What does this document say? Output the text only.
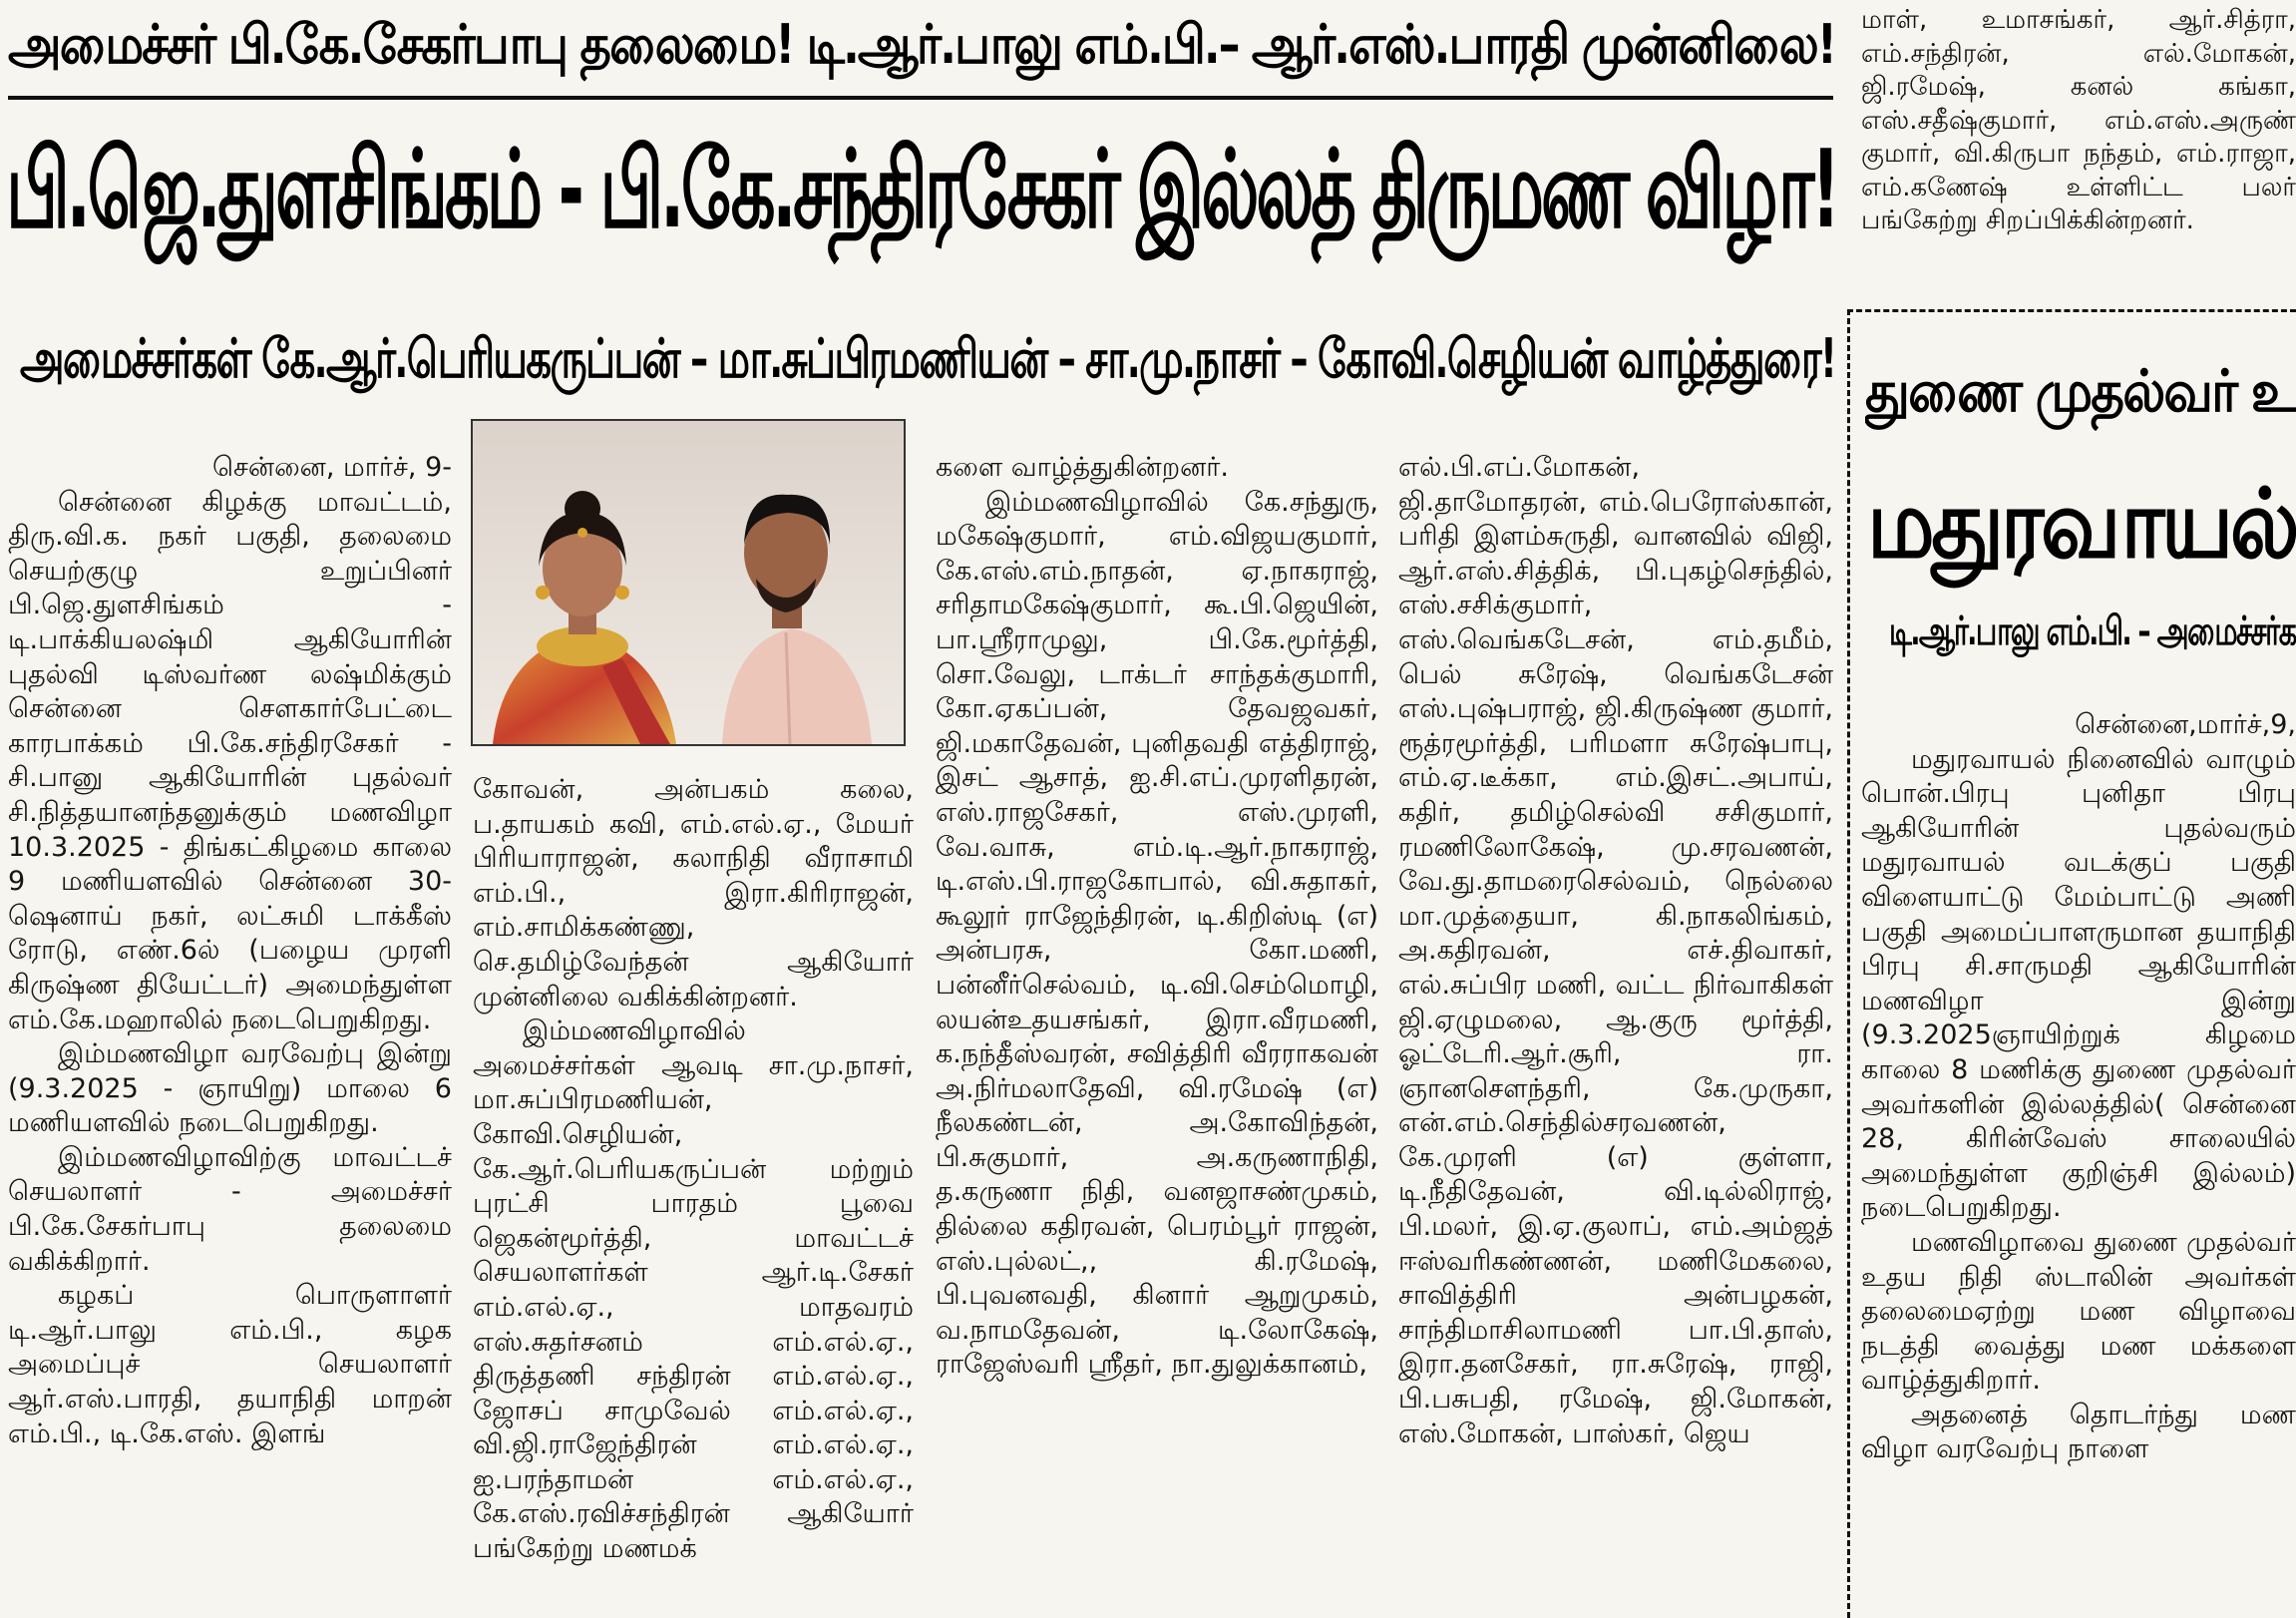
அமைச்சர் பி.கே.சேகர்பாபு தலைமை! டி.ஆர்.பாலு எம்.பி.– ஆர்.எஸ்.பாரதி முன்னிலை!
பி.ஜெ.துளசிங்கம் - பி.கே.சந்திரசேகர் இல்லத் திருமண விழா!
அமைச்சர்கள் கே.ஆர்.பெரியகருப்பன் – மா.சுப்பிரமணியன் – சா.மு.நாசர் – கோவி.செழியன் வாழ்த்துரை!

சென்னை, மார்ச், 9-

சென்னை கிழக்கு மாவட்டம், திரு.வி.க. நகர் பகுதி, தலைமை செயற்குழு உறுப்பினர் பி.ஜெ.துளசிங்கம் - டி.பாக்கியலஷ்மி ஆகியோரின் புதல்வி டிஸ்வர்ண லஷ்மிக்கும் சென்னை சௌகார்பேட்டை காரபாக்கம் பி.கே.சந்திரசேகர் - சி.பானு ஆகியோரின் புதல்வர் சி.நித்தயானந்தனுக்கும் மணவிழா 10.3.2025 - திங்கட்கிழமை காலை 9 மணியளவில் சென்னை 30- ஷெனாய் நகர், லட்சுமி டாக்கீஸ் ரோடு, எண்.6ல் (பழைய முரளி கிருஷ்ண தியேட்டர்) அமைந்துள்ள எம்.கே.மஹாலில் நடைபெறுகிறது.

இம்மணவிழா வரவேற்பு இன்று (9.3.2025 - ஞாயிறு) மாலை 6 மணியளவில் நடைபெறுகிறது.

இம்மணவிழாவிற்கு மாவட்டச் செயலாளர் - அமைச்சர் பி.கே.சேகர்பாபு தலைமை வகிக்கிறார்.

கழகப் பொருளாளர் டி.ஆர்.பாலு எம்.பி., கழக அமைப்புச் செயலாளர் ஆர்.எஸ்.பாரதி, தயாநிதி மாறன் எம்.பி., டி.கே.எஸ். இளங்

கோவன், அன்பகம் கலை, ப.தாயகம் கவி, எம்.எல்.ஏ., மேயர் பிரியாராஜன், கலாநிதி வீராசாமி எம்.பி., இரா.கிரிராஜன், எம்.சாமிக்கண்ணு, செ.தமிழ்வேந்தன் ஆகியோர் முன்னிலை வகிக்கின்றனர்.

இம்மணவிழாவில் அமைச்சர்கள் ஆவடி சா.மு.நாசர், மா.சுப்பிரமணியன், கோவி.செழியன், கே.ஆர்.பெரியகருப்பன் மற்றும் புரட்சி பாரதம் பூவை ஜெகன்மூர்த்தி, மாவட்டச் செயலாளர்கள் ஆர்.டி.சேகர் எம்.எல்.ஏ., மாதவரம் எஸ்.சுதர்சனம் எம்.எல்.ஏ., திருத்தணி சந்திரன் எம்.எல்.ஏ., ஜோசப் சாமுவேல் எம்.எல்.ஏ., வி.ஜி.ராஜேந்திரன் எம்.எல்.ஏ., ஐ.பரந்தாமன் எம்.எல்.ஏ., கே.எஸ்.ரவிச்சந்திரன் ஆகியோர் பங்கேற்று மணமக்

களை வாழ்த்துகின்றனர்.

இம்மணவிழாவில் கே.சந்துரு, மகேஷ்குமார், எம்.விஜயகுமார், கே.எஸ்.எம்.நாதன், ஏ.நாகராஜ், சரிதாமகேஷ்குமார், கூ.பி.ஜெயின், பா.ஸ்ரீராமுலு, பி.கே.மூர்த்தி, சொ.வேலு, டாக்டர் சாந்தக்குமாரி, கோ.ஏகப்பன், தேவஜவகர், ஜி.மகாதேவன், புனிதவதி எத்திராஜ், இசட் ஆசாத், ஐ.சி.எப்.முரளிதரன், எஸ்.ராஜசேகர், எஸ்.முரளி, வே.வாசு, எம்.டி.ஆர்.நாகராஜ், டி.எஸ்.பி.ராஜகோபால், வி.சுதாகர், கூலூர் ராஜேந்திரன், டி.கிறிஸ்டி (எ) அன்பரசு, கோ.மணி, பன்னீர்செல்வம், டி.வி.செம்மொழி, லயன்உதயசங்கர், இரா.வீரமணி, க.நந்தீஸ்வரன், சவித்திரி வீரராகவன் அ.நிர்மலாதேவி, வி.ரமேஷ் (எ) நீலகண்டன், அ.கோவிந்தன், பி.சுகுமார், அ.கருணாநிதி, த.கருணா நிதி, வனஜாசண்முகம், தில்லை கதிரவன், பெரம்பூர் ராஜன், எஸ்.புல்லட்,, கி.ரமேஷ், பி.புவனவதி, கினார் ஆறுமுகம், வ.நாமதேவன், டி.லோகேஷ், ராஜேஸ்வரி ஸ்ரீதர், நா.துலுக்கானம்,

எல்.பி.எப்.மோகன், ஜி.தாமோதரன், எம்.பெரோஸ்கான், பரிதி இளம்சுருதி, வானவில் விஜி, ஆர்.எஸ்.சித்திக், பி.புகழ்செந்தில், எஸ்.சசிக்குமார், எஸ்.வெங்கடேசன், எம்.தமீம், பெல் சுரேஷ், வெங்கடேசன் எஸ்.புஷ்பராஜ், ஜி.கிருஷ்ண குமார், ரூத்ரமூர்த்தி, பரிமளா சுரேஷ்பாபு, எம்.ஏ.டீக்கா, எம்.இசட்.அபாய், கதிர், தமிழ்செல்வி சசிகுமார், ரமணிலோகேஷ், மு.சரவணன், வே.து.தாமரைசெல்வம், நெல்லை மா.முத்தையா, கி.நாகலிங்கம், அ.கதிரவன், எச்.திவாகர், எல்.சுப்பிர மணி, வட்ட நிர்வாகிகள் ஜி.ஏழுமலை, ஆ.குரு மூர்த்தி, ஓட்டேரி.ஆர்.சூரி, ரா. ஞானசௌந்தரி, கே.முருகா, என்.எம்.செந்தில்சரவணன், கே.முரளி (எ) குள்ளா, டி.நீதிதேவன், வி.டில்லிராஜ், பி.மலர், இ.ஏ.குலாப், எம்.அம்ஜத் ஈஸ்வரிகண்ணன், மணிமேகலை, சாவித்திரி அன்பழகன், சாந்திமாசிலாமணி பா.பி.தாஸ், இரா.தனசேகர், ரா.சுரேஷ், ராஜி, பி.பசுபதி, ரமேஷ், ஜி.மோகன், எஸ்.மோகன், பாஸ்கர், ஜெய

மாள், உமாசங்கர், ஆர்.சித்ரா, எம்.சந்திரன், எல்.மோகன், ஜி.ரமேஷ், கனல் கங்கா, எஸ்.சதீஷ்குமார், எம்.எஸ்.அருண் குமார், வி.கிருபா நந்தம், எம்.ராஜா, எம்.கணேஷ் உள்ளிட்ட பலர் பங்கேற்று சிறப்பிக்கின்றனர்.

துணை முதல்வர் உ
மதுரவாயல்
டி.ஆர்.பாலு எம்.பி. – அமைச்சர்க

சென்னை,மார்ச்,9,

மதுரவாயல் நினைவில் வாழும் பொன்.பிரபு புனிதா பிரபு ஆகியோரின் புதல்வரும் மதுரவாயல் வடக்குப் பகுதி விளையாட்டு மேம்பாட்டு அணி பகுதி அமைப்பாளருமான தயாநிதி பிரபு சி.சாருமதி ஆகியோரின் மணவிழா இன்று (9.3.2025ஞாயிற்றுக் கிழமை காலை 8 மணிக்கு துணை முதல்வர் அவர்களின் இல்லத்தில்( சென்னை 28, கிரின்வேஸ் சாலையில் அமைந்துள்ள குறிஞ்சி இல்லம்) நடைபெறுகிறது.

மணவிழாவை துணை முதல்வர் உதய நிதி ஸ்டாலின் அவர்கள் தலைமைஏற்று மண விழாவை நடத்தி வைத்து மண மக்களை வாழ்த்துகிறார்.

அதனைத் தொடர்ந்து மண விழா வரவேற்பு நாளை
